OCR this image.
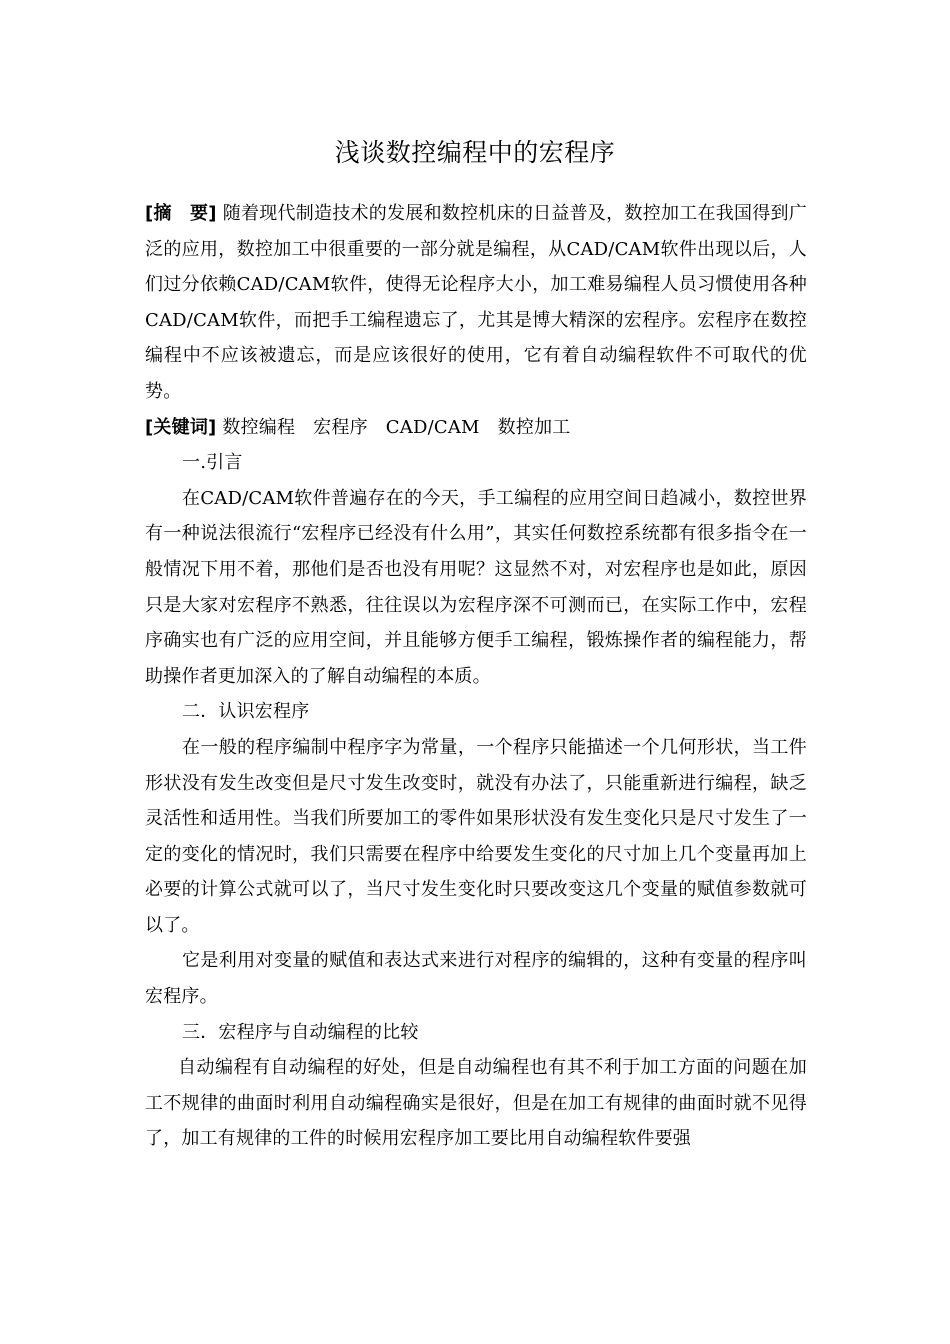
浅谈数控编程中的宏程序

[摘　要] 随着现代制造技术的发展和数控机床的日益普及，数控加工在我国得到广泛的应用，数控加工中很重要的一部分就是编程，从CAD/CAM软件出现以后，人们过分依赖CAD/CAM软件，使得无论程序大小，加工难易编程人员习惯使用各种CAD/CAM软件，而把手工编程遗忘了，尤其是博大精深的宏程序。宏程序在数控编程中不应该被遗忘，而是应该很好的使用，它有着自动编程软件不可取代的优势。

[关键词] 数控编程 宏程序 CAD/CAM 数控加工

一.引言

在CAD/CAM软件普遍存在的今天，手工编程的应用空间日趋减小，数控世界有一种说法很流行“宏程序已经没有什么用”，其实任何数控系统都有很多指令在一般情况下用不着，那他们是否也没有用呢？这显然不对，对宏程序也是如此，原因只是大家对宏程序不熟悉，往往误以为宏程序深不可测而已，在实际工作中，宏程序确实也有广泛的应用空间，并且能够方便手工编程，锻炼操作者的编程能力，帮助操作者更加深入的了解自动编程的本质。

二．认识宏程序

在一般的程序编制中程序字为常量，一个程序只能描述一个几何形状，当工件形状没有发生改变但是尺寸发生改变时，就没有办法了，只能重新进行编程，缺乏灵活性和适用性。当我们所要加工的零件如果形状没有发生变化只是尺寸发生了一定的变化的情况时，我们只需要在程序中给要发生变化的尺寸加上几个变量再加上必要的计算公式就可以了，当尺寸发生变化时只要改变这几个变量的赋值参数就可以了。

它是利用对变量的赋值和表达式来进行对程序的编辑的，这种有变量的程序叫宏程序。

三．宏程序与自动编程的比较

自动编程有自动编程的好处，但是自动编程也有其不利于加工方面的问题在加工不规律的曲面时利用自动编程确实是很好，但是在加工有规律的曲面时就不见得了，加工有规律的工件的时候用宏程序加工要比用自动编程软件要强
